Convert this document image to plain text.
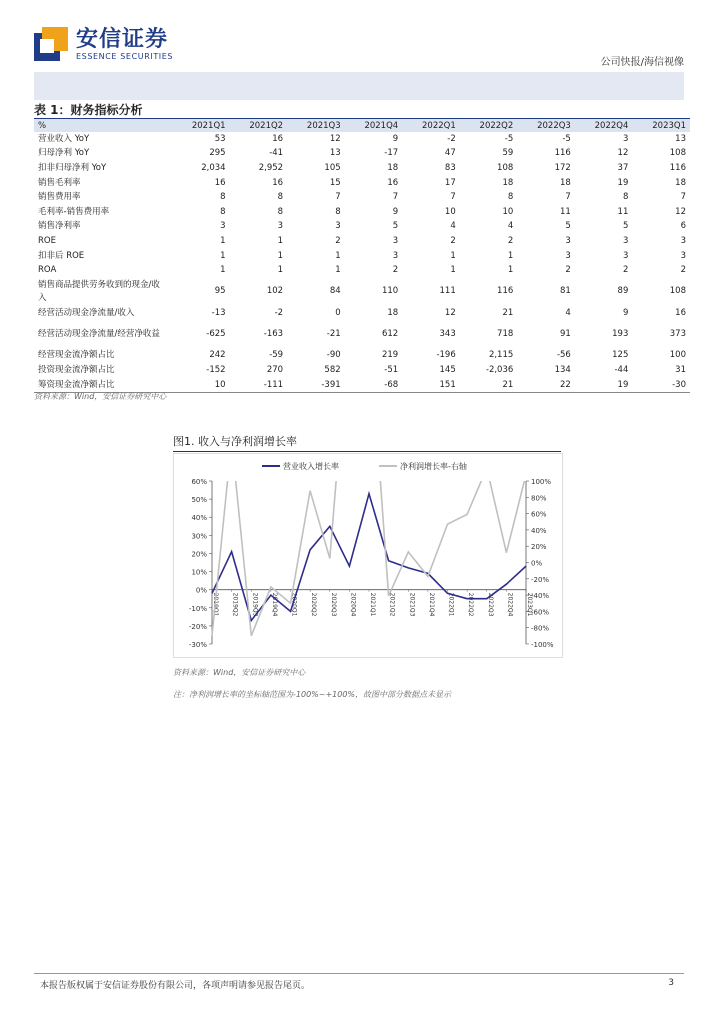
安信证券
ESSENCE SECURITIES
公司快报/海信视像
表 1：财务指标分析
%	2021Q1	2021Q2	2021Q3	2021Q4	2022Q1	2022Q2	2022Q3	2022Q4	2023Q1
营业收入 YoY	53	16	12	9	-2	-5	-5	3	13
归母净利 YoY	295	-41	13	-17	47	59	116	12	108
扣非归母净利 YoY	2,034	2,952	105	18	83	108	172	37	116
销售毛利率	16	16	15	16	17	18	18	19	18
销售费用率	8	8	7	7	7	8	7	8	7
毛利率-销售费用率	8	8	8	9	10	10	11	11	12
销售净利率	3	3	3	5	4	4	5	5	6
ROE	1	1	2	3	2	2	3	3	3
扣非后 ROE	1	1	1	3	1	1	3	3	3
ROA	1	1	1	2	1	1	2	2	2
销售商品提供劳务收到的现金/收入	95	102	84	110	111	116	81	89	108
经营活动现金净流量/收入	-13	-2	0	18	12	21	4	9	16
经营活动现金净流量/经营净收益	-625	-163	-21	612	343	718	91	193	373
经营现金流净额占比	242	-59	-90	219	-196	2,115	-56	125	100
投资现金流净额占比	-152	270	582	-51	145	-2,036	134	-44	31
筹资现金流净额占比	10	-111	-391	-68	151	21	22	19	-30
资料来源：Wind，安信证券研究中心
图1. 收入与净利润增长率
60%
50%
40%
30%
20%
10%
0%
-10%
-20%
-30%
100%
80%
60%
40%
20%
0%
-20%
-40%
-60%
-80%
-100%
2019Q1 2019Q2 2019Q3 2019Q4 2020Q1 2020Q2 2020Q3 2020Q4 2021Q1 2021Q2 2021Q3 2021Q4 2022Q1 2022Q2 2022Q3 2022Q4 2023Q1
营业收入增长率	净利润增长率-右轴
资料来源：Wind，安信证券研究中心
注：净利润增长率的坐标轴范围为-100%~+100%，故图中部分数据点未显示
本报告版权属于安信证券股份有限公司，各项声明请参见报告尾页。	3
